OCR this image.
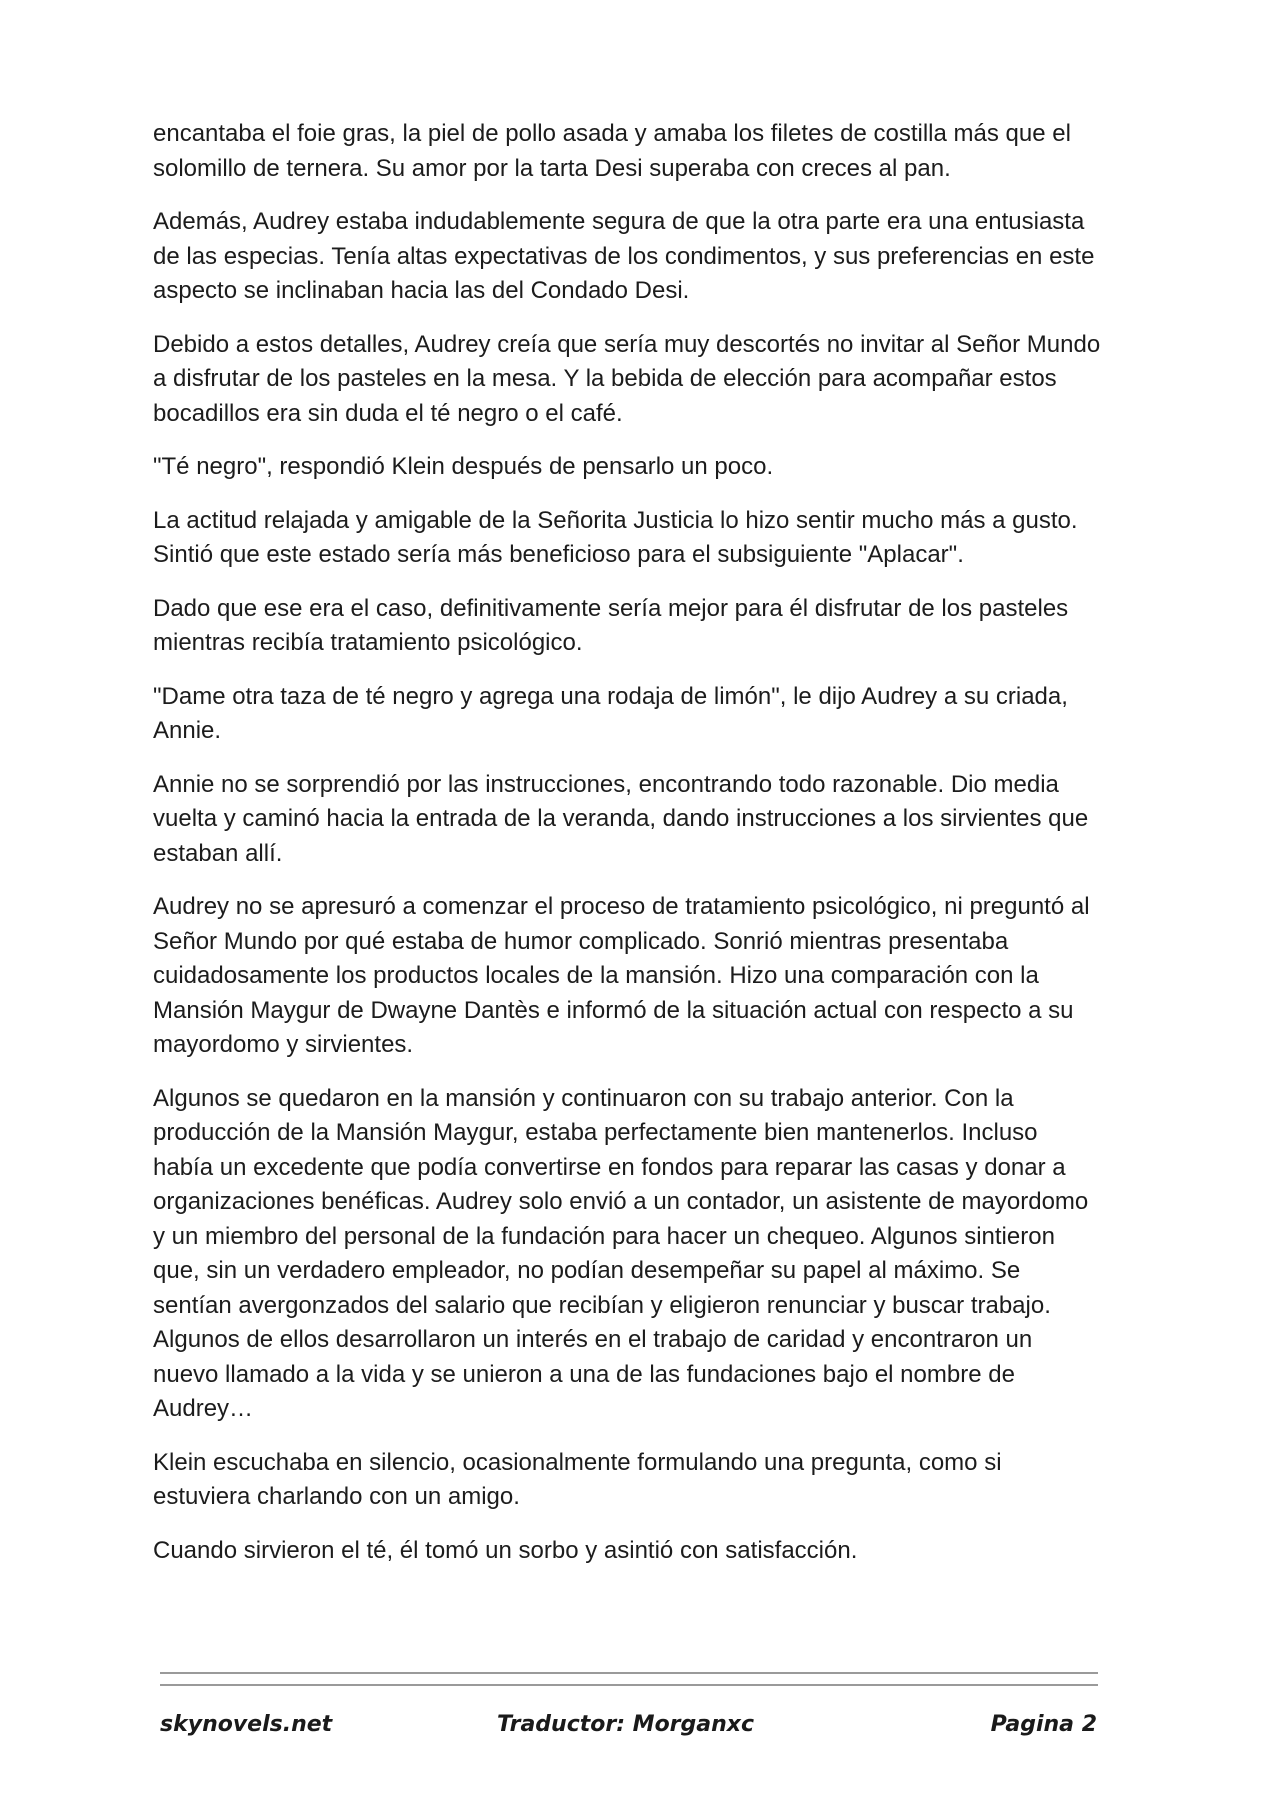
encantaba el foie gras, la piel de pollo asada y amaba los filetes de costilla más que el solomillo de ternera. Su amor por la tarta Desi superaba con creces al pan.

Además, Audrey estaba indudablemente segura de que la otra parte era una entusiasta de las especias. Tenía altas expectativas de los condimentos, y sus preferencias en este aspecto se inclinaban hacia las del Condado Desi.

Debido a estos detalles, Audrey creía que sería muy descortés no invitar al Señor Mundo a disfrutar de los pasteles en la mesa. Y la bebida de elección para acompañar estos bocadillos era sin duda el té negro o el café.

"Té negro", respondió Klein después de pensarlo un poco.

La actitud relajada y amigable de la Señorita Justicia lo hizo sentir mucho más a gusto. Sintió que este estado sería más beneficioso para el subsiguiente "Aplacar".

Dado que ese era el caso, definitivamente sería mejor para él disfrutar de los pasteles mientras recibía tratamiento psicológico.

"Dame otra taza de té negro y agrega una rodaja de limón", le dijo Audrey a su criada, Annie.

Annie no se sorprendió por las instrucciones, encontrando todo razonable. Dio media vuelta y caminó hacia la entrada de la veranda, dando instrucciones a los sirvientes que estaban allí.

Audrey no se apresuró a comenzar el proceso de tratamiento psicológico, ni preguntó al Señor Mundo por qué estaba de humor complicado. Sonrió mientras presentaba cuidadosamente los productos locales de la mansión. Hizo una comparación con la Mansión Maygur de Dwayne Dantès e informó de la situación actual con respecto a su mayordomo y sirvientes.

Algunos se quedaron en la mansión y continuaron con su trabajo anterior. Con la producción de la Mansión Maygur, estaba perfectamente bien mantenerlos. Incluso había un excedente que podía convertirse en fondos para reparar las casas y donar a organizaciones benéficas. Audrey solo envió a un contador, un asistente de mayordomo y un miembro del personal de la fundación para hacer un chequeo. Algunos sintieron que, sin un verdadero empleador, no podían desempeñar su papel al máximo. Se sentían avergonzados del salario que recibían y eligieron renunciar y buscar trabajo. Algunos de ellos desarrollaron un interés en el trabajo de caridad y encontraron un nuevo llamado a la vida y se unieron a una de las fundaciones bajo el nombre de Audrey…

Klein escuchaba en silencio, ocasionalmente formulando una pregunta, como si estuviera charlando con un amigo.

Cuando sirvieron el té, él tomó un sorbo y asintió con satisfacción.

skynovels.net	Traductor: Morganxc	Pagina 2
